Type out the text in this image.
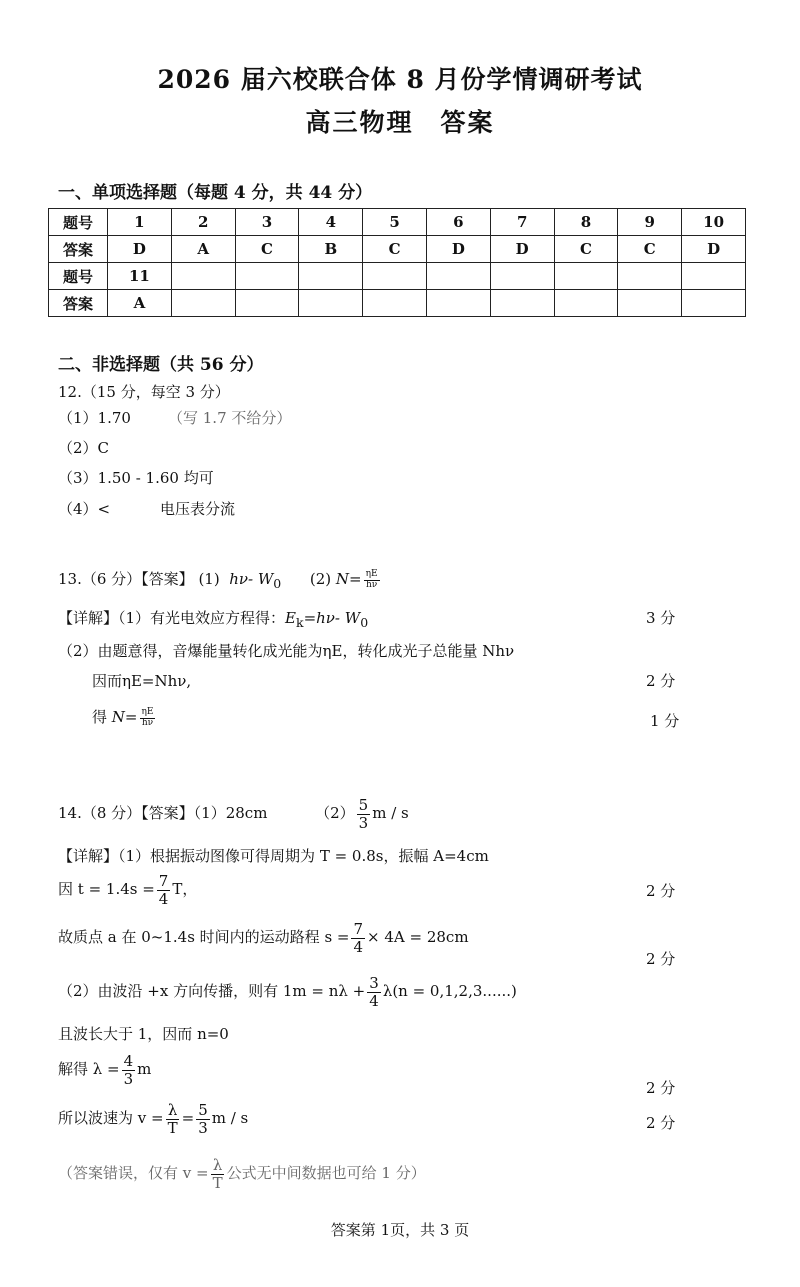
2026 届六校联合体 8 月份学情调研考试
高三物理　答案
一、单项选择题（每题 4 分，共 44 分）
题号	1	2	3	4	5	6	7	8	9	10
答案	D	A	C	B	C	D	D	C	C	D
题号	11									
答案	A									
二、非选择题（共 56 分）
12.（15 分，每空 3 分）
（1）1.70 （写 1.7 不给分）
（2）C
（3）1.50 - 1.60 均可
（4）<	电压表分流
13.（6 分）【答案】 (1) hν- $W_0$ (2) $N= \frac{\eta E}{h\nu}$
【详解】（1）有光电效应方程得：$E_k=h\nu-$ $W_0$	3 分
（2）由题意得，音爆能量转化成光能为ηE，转化成光子总能量 Nhν
因而ηE=Nhν,	2 分
得 $N= \frac{\eta E}{h\nu}$	1 分
14.（8 分）【答案】（1）28cm	$(2) \frac{5}{3}$ m / s
【详解】（1）根据振动图像可得周期为 T = 0.8s，振幅 A=4cm
因 $t = 1.4s = \frac{7}{4}$ T，	2 分
故质点 a 在 0~1.4s 时间内的运动路程 $s = \frac{7}{4} \times 4A = 28cm$
2 分
（2）由波沿 +x 方向传播，则有 $1m = n\lambda + \frac{3}{4} \lambda(n = 0,1,2,3......)$
且波长大于 1，因而 n=0
解得 $\lambda = \frac{4}{3}$ m
2 分
所以波速为 $v = \frac{\lambda}{T} = \frac{5}{3}$ m / s	2 分
（答案错误，仅有 $v = \frac{\lambda}{T}$ 公式无中间数据也可给 1 分）
答案第 1页，共 3 页
